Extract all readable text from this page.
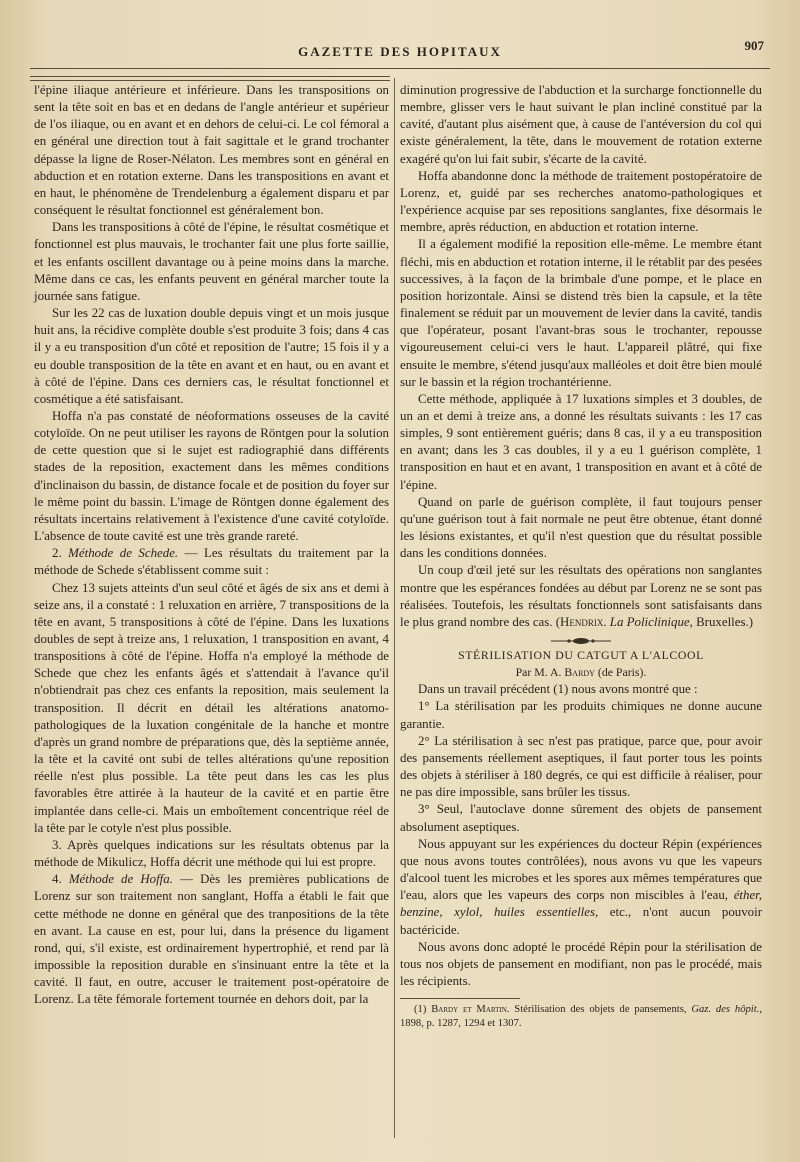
GAZETTE DES HOPITAUX	907

l'épine iliaque antérieure et inférieure. Dans les transpositions on sent la tête soit en bas et en dedans de l'angle antérieur et supérieur de l'os iliaque, ou en avant et en dehors de celui-ci. Le col fémoral a en général une direction tout à fait sagittale et le grand trochanter dépasse la ligne de Roser-Nélaton. Les membres sont en général en abduction et en rotation externe. Dans les transpositions en avant et en haut, le phénomène de Trendelenburg a également disparu et par conséquent le résultat fonctionnel est généralement bon.

Dans les transpositions à côté de l'épine, le résultat cosmétique et fonctionnel est plus mauvais, le trochanter fait une plus forte saillie, et les enfants oscillent davantage ou à peine moins dans la marche. Même dans ce cas, les enfants peuvent en général marcher toute la journée sans fatigue.

Sur les 22 cas de luxation double depuis vingt et un mois jusque huit ans, la récidive complète double s'est produite 3 fois; dans 4 cas il y a eu transposition d'un côté et reposition de l'autre; 15 fois il y a eu double transposition de la tête en avant et en haut, ou en avant et à côté de l'épine. Dans ces derniers cas, le résultat fonctionnel et cosmétique a été satisfaisant.

Hoffa n'a pas constaté de néoformations osseuses de la cavité cotyloïde. On ne peut utiliser les rayons de Röntgen pour la solution de cette question que si le sujet est radiographié dans différents stades de la reposition, exactement dans les mêmes conditions d'inclinaison du bassin, de distance focale et de position du foyer sur le même point du bassin. L'image de Röntgen donne également des résultats incertains relativement à l'existence d'une cavité cotyloïde. L'absence de toute cavité est une très grande rareté.

2. Méthode de Schede. — Les résultats du traitement par la méthode de Schede s'établissent comme suit :

Chez 13 sujets atteints d'un seul côté et âgés de six ans et demi à seize ans, il a constaté : 1 reluxation en arrière, 7 transpositions de la tête en avant, 5 transpositions à côté de l'épine. Dans les luxations doubles de sept à treize ans, 1 reluxation, 1 transposition en avant, 4 transpositions à côté de l'épine. Hoffa n'a employé la méthode de Schede que chez les enfants âgés et s'attendait à l'avance qu'il n'obtiendrait pas chez ces enfants la reposition, mais seulement la transposition. Il décrit en détail les altérations anatomo-pathologiques de la luxation congénitale de la hanche et montre d'après un grand nombre de préparations que, dès la septième année, la tête et la cavité ont subi de telles altérations qu'une reposition réelle n'est plus possible. La tête peut dans les cas les plus favorables être attirée à la hauteur de la cavité et en partie être implantée dans celle-ci. Mais un emboîtement concentrique réel de la tête par le cotyle n'est plus possible.

3. Après quelques indications sur les résultats obtenus par la méthode de Mikulicz, Hoffa décrit une méthode qui lui est propre.

4. Méthode de Hoffa. — Dès les premières publications de Lorenz sur son traitement non sanglant, Hoffa a établi le fait que cette méthode ne donne en général que des tranpositions de la tête en avant. La cause en est, pour lui, dans la présence du ligament rond, qui, s'il existe, est ordinairement hypertrophié, et rend par là impossible la reposition durable en s'insinuant entre la tête et la cavité. Il faut, en outre, accuser le traitement post-opératoire de Lorenz. La tête fémorale fortement tournée en dehors doit, par la

diminution progressive de l'abduction et la surcharge fonctionnelle du membre, glisser vers le haut suivant le plan incliné constitué par la cavité, d'autant plus aisément que, à cause de l'antéversion du col qui existe généralement, la tête, dans le mouvement de rotation externe exagéré qu'on lui fait subir, s'écarte de la cavité.

Hoffa abandonne donc la méthode de traitement postopératoire de Lorenz, et, guidé par ses recherches anatomo-pathologiques et l'expérience acquise par ses repositions sanglantes, fixe désormais le membre, après réduction, en abduction et rotation interne.

Il a également modifié la reposition elle-même. Le membre étant fléchi, mis en abduction et rotation interne, il le rétablit par des pesées successives, à la façon de la brimbale d'une pompe, et le place en position horizontale. Ainsi se distend très bien la capsule, et la tête finalement se réduit par un mouvement de levier dans la cavité, tandis que l'opérateur, posant l'avant-bras sous le trochanter, repousse vigoureusement celui-ci vers le haut. L'appareil plâtré, qui fixe ensuite le membre, s'étend jusqu'aux malléoles et doit être bien moulé sur le bassin et la région trochantérienne.

Cette méthode, appliquée à 17 luxations simples et 3 doubles, de un an et demi à treize ans, a donné les résultats suivants : les 17 cas simples, 9 sont entièrement guéris; dans 8 cas, il y a eu transposition en avant; dans les 3 cas doubles, il y a eu 1 guérison complète, 1 transposition en haut et en avant, 1 transposition en avant et à côté de l'épine.

Quand on parle de guérison complète, il faut toujours penser qu'une guérison tout à fait normale ne peut être obtenue, étant donné les lésions existantes, et qu'il n'est question que du résultat possible dans les conditions données.

Un coup d'œil jeté sur les résultats des opérations non sanglantes montre que les espérances fondées au début par Lorenz ne se sont pas réalisées. Toutefois, les résultats fonctionnels sont satisfaisants dans le plus grand nombre des cas. (Hendrix. La Policlinique, Bruxelles.)

STÉRILISATION DU CATGUT A L'ALCOOL

Par M. A. Bardy (de Paris).

Dans un travail précédent (1) nous avons montré que :

1° La stérilisation par les produits chimiques ne donne aucune garantie.

2° La stérilisation à sec n'est pas pratique, parce que, pour avoir des pansements réellement aseptiques, il faut porter tous les points des objets à stériliser à 180 degrés, ce qui est difficile à réaliser, pour ne pas dire impossible, sans brûler les tissus.

3° Seul, l'autoclave donne sûrement des objets de pansement absolument aseptiques.

Nous appuyant sur les expériences du docteur Répin (expériences que nous avons toutes contrôlées), nous avons vu que les vapeurs d'alcool tuent les microbes et les spores aux mêmes températures que l'eau, alors que les vapeurs des corps non miscibles à l'eau, éther, benzine, xylol, huiles essentielles, etc., n'ont aucun pouvoir bactéricide.

Nous avons donc adopté le procédé Répin pour la stérilisation de tous nos objets de pansement en modifiant, non pas le procédé, mais les récipients.

(1) Bardy et Martin. Stérilisation des objets de pansements, Gaz. des hôpit., 1898, p. 1287, 1294 et 1307.
